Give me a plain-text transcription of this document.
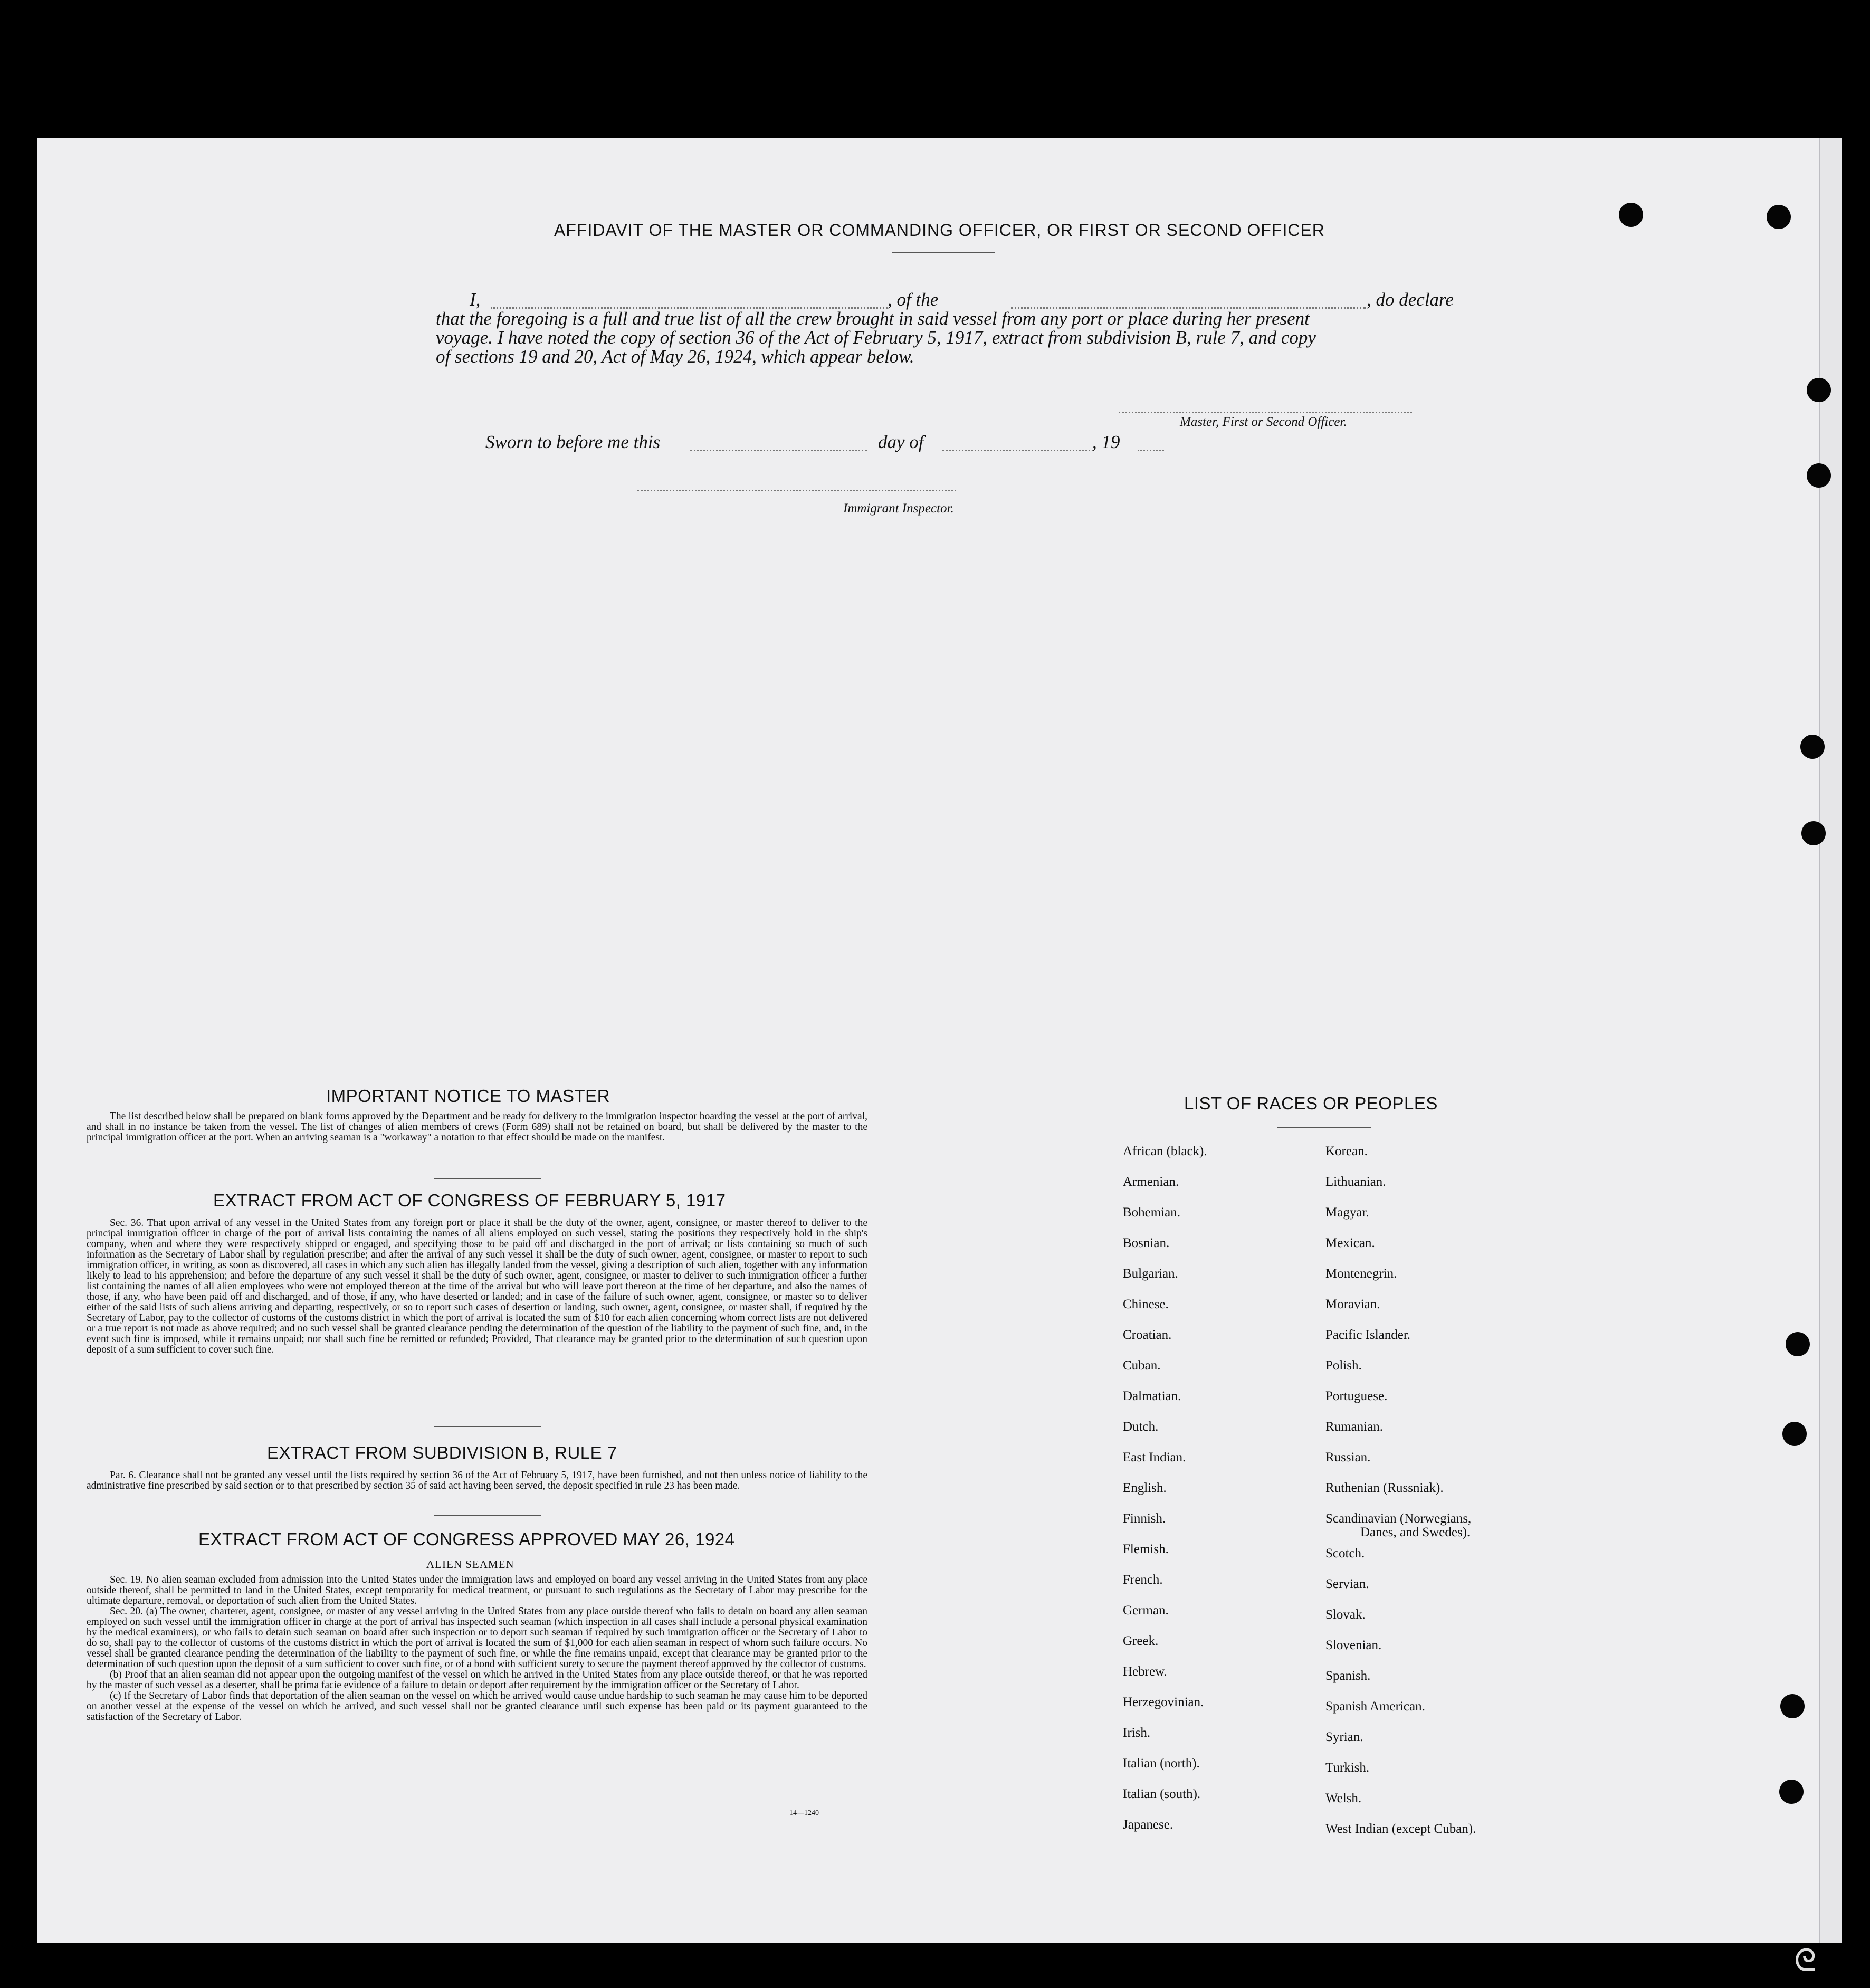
ᘓ
AFFIDAVIT OF THE MASTER OR COMMANDING OFFICER, OR FIRST OR SECOND OFFICER
I,	, of the	, do declare
that the foregoing is a full and true list of all the crew brought in said vessel from any port or place during her present
voyage. I have noted the copy of section 36 of the Act of February 5, 1917, extract from subdivision B, rule 7, and copy
of sections 19 and 20, Act of May 26, 1924, which appear below.
Master, First or Second Officer.
Sworn to before me this	day of	, 19
Immigrant Inspector.
IMPORTANT NOTICE TO MASTER

The list described below shall be prepared on blank forms approved by the Department and be ready for delivery to the immigration inspector boarding the vessel at the port of arrival, and shall in no instance be taken from the vessel. The list of changes of alien members of crews (Form 689) shall not be retained on board, but shall be delivered by the master to the principal immigration officer at the port. When an arriving seaman is a "workaway" a notation to that effect should be made on the manifest.

EXTRACT FROM ACT OF CONGRESS OF FEBRUARY 5, 1917

Sec. 36. That upon arrival of any vessel in the United States from any foreign port or place it shall be the duty of the owner, agent, consignee, or master thereof to deliver to the principal immigration officer in charge of the port of arrival lists containing the names of all aliens employed on such vessel, stating the positions they respectively hold in the ship's company, when and where they were respectively shipped or engaged, and specifying those to be paid off and discharged in the port of arrival; or lists containing so much of such information as the Secretary of Labor shall by regulation prescribe; and after the arrival of any such vessel it shall be the duty of such owner, agent, consignee, or master to report to such immigration officer, in writing, as soon as discovered, all cases in which any such alien has illegally landed from the vessel, giving a description of such alien, together with any information likely to lead to his apprehension; and before the departure of any such vessel it shall be the duty of such owner, agent, consignee, or master to deliver to such immigration officer a further list containing the names of all alien employees who were not employed thereon at the time of the arrival but who will leave port thereon at the time of her departure, and also the names of those, if any, who have been paid off and discharged, and of those, if any, who have deserted or landed; and in case of the failure of such owner, agent, consignee, or master so to deliver either of the said lists of such aliens arriving and departing, respectively, or so to report such cases of desertion or landing, such owner, agent, consignee, or master shall, if required by the Secretary of Labor, pay to the collector of customs of the customs district in which the port of arrival is located the sum of $10 for each alien concerning whom correct lists are not delivered or a true report is not made as above required; and no such vessel shall be granted clearance pending the determination of the question of the liability to the payment of such fine, and, in the event such fine is imposed, while it remains unpaid; nor shall such fine be remitted or refunded; Provided, That clearance may be granted prior to the determination of such question upon deposit of a sum sufficient to cover such fine.

EXTRACT FROM SUBDIVISION B, RULE 7

Par. 6. Clearance shall not be granted any vessel until the lists required by section 36 of the Act of February 5, 1917, have been furnished, and not then unless notice of liability to the administrative fine prescribed by said section or to that prescribed by section 35 of said act having been served, the deposit specified in rule 23 has been made.

EXTRACT FROM ACT OF CONGRESS APPROVED MAY 26, 1924
ALIEN SEAMEN

Sec. 19. No alien seaman excluded from admission into the United States under the immigration laws and employed on board any vessel arriving in the United States from any place outside thereof, shall be permitted to land in the United States, except temporarily for medical treatment, or pursuant to such regulations as the Secretary of Labor may prescribe for the ultimate departure, removal, or deportation of such alien from the United States.

Sec. 20. (a) The owner, charterer, agent, consignee, or master of any vessel arriving in the United States from any place outside thereof who fails to detain on board any alien seaman employed on such vessel until the immigration officer in charge at the port of arrival has inspected such seaman (which inspection in all cases shall include a personal physical examination by the medical examiners), or who fails to detain such seaman on board after such inspection or to deport such seaman if required by such immigration officer or the Secretary of Labor to do so, shall pay to the collector of customs of the customs district in which the port of arrival is located the sum of $1,000 for each alien seaman in respect of whom such failure occurs. No vessel shall be granted clearance pending the determination of the liability to the payment of such fine, or while the fine remains unpaid, except that clearance may be granted prior to the determination of such question upon the deposit of a sum sufficient to cover such fine, or of a bond with sufficient surety to secure the payment thereof approved by the collector of customs.

(b) Proof that an alien seaman did not appear upon the outgoing manifest of the vessel on which he arrived in the United States from any place outside thereof, or that he was reported by the master of such vessel as a deserter, shall be prima facie evidence of a failure to detain or deport after requirement by the immigration officer or the Secretary of Labor.

(c) If the Secretary of Labor finds that deportation of the alien seaman on the vessel on which he arrived would cause undue hardship to such seaman he may cause him to be deported on another vessel at the expense of the vessel on which he arrived, and such vessel shall not be granted clearance until such expense has been paid or its payment guaranteed to the satisfaction of the Secretary of Labor.

14—1240
LIST OF RACES OR PEOPLES
Danes, and Swedes).
African (black).
Armenian.
Bohemian.
Bosnian.
Bulgarian.
Chinese.
Croatian.
Cuban.
Dalmatian.
Dutch.
East Indian.
English.
Finnish.
Flemish.
French.
German.
Greek.
Hebrew.
Herzegovinian.
Irish.
Italian (north).
Italian (south).
Japanese.
Korean.
Lithuanian.
Magyar.
Mexican.
Montenegrin.
Moravian.
Pacific Islander.
Polish.
Portuguese.
Rumanian.
Russian.
Ruthenian (Russniak).
Scandinavian (Norwegians,
Scotch.
Servian.
Slovak.
Slovenian.
Spanish.
Spanish American.
Syrian.
Turkish.
Welsh.
West Indian (except Cuban).
